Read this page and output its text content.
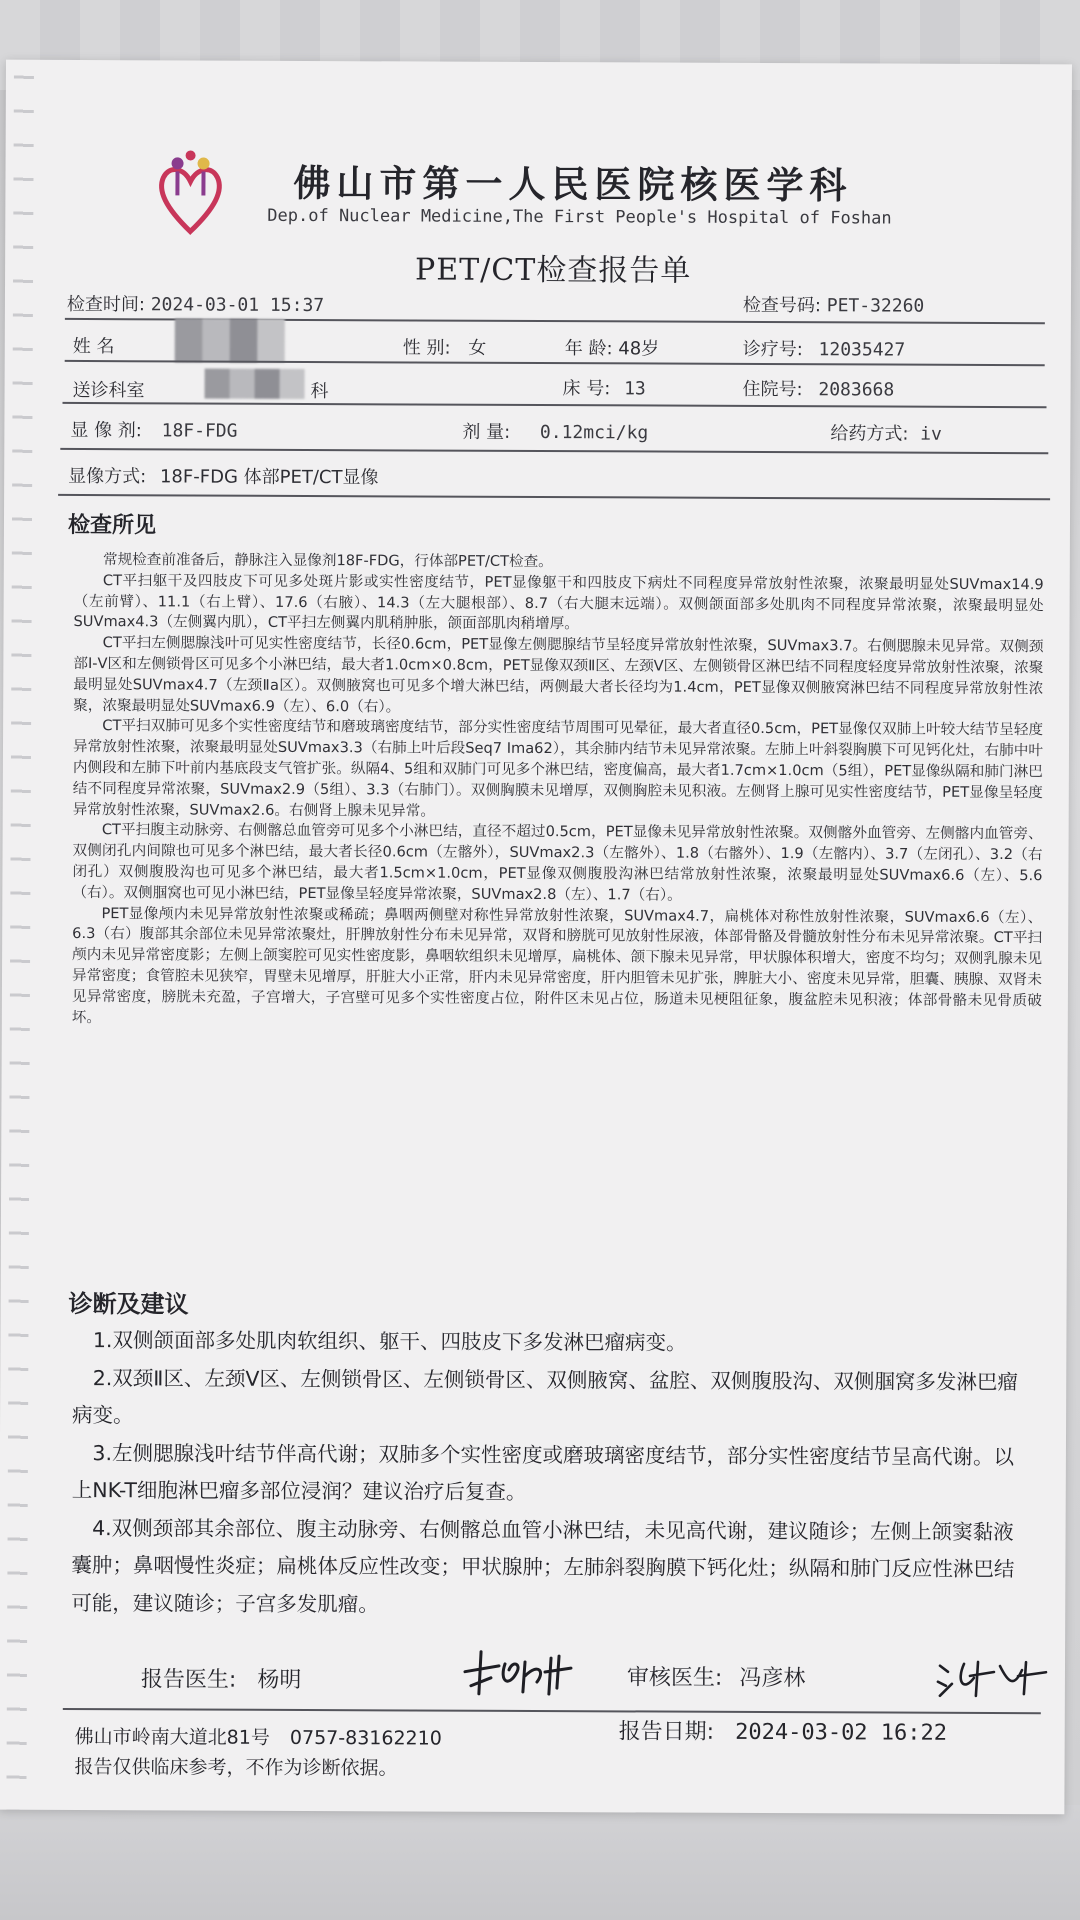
佛山市第一人民医院核医学科
Dep.of Nuclear Medicine,The First People's Hospital of Foshan
PET/CT检查报告单
检查时间: 2024-03-01 15:37	检查号码: PET-32260
姓 名	性 别: 女	年 龄: 48岁	诊疗号: 12035427
送诊科室	科	床 号: 13	住院号: 2083668
显 像 剂: 18F-FDG	剂 量: 0.12mci/kg	给药方式: iv
显像方式: 18F-FDG 体部PET/CT显像
检查所见

常规检查前准备后，静脉注入显像剂18F-FDG，行体部PET/CT检查。

CT平扫躯干及四肢皮下可见多处斑片影或实性密度结节，PET显像躯干和四肢皮下病灶不同程度异常放射性浓聚，浓聚最明显处SUVmax14.9（左前臂）、11.1（右上臂）、17.6（右腋）、14.3（左大腿根部）、8.7（右大腿末远端）。双侧颌面部多处肌肉不同程度异常浓聚，浓聚最明显处SUVmax4.3（左侧翼内肌），CT平扫左侧翼内肌稍肿胀，颌面部肌肉稍增厚。

CT平扫左侧腮腺浅叶可见实性密度结节，长径0.6cm，PET显像左侧腮腺结节呈轻度异常放射性浓聚，SUVmax3.7。右侧腮腺未见异常。双侧颈部Ⅰ-Ⅴ区和左侧锁骨区可见多个小淋巴结，最大者1.0cm×0.8cm，PET显像双颈Ⅱ区、左颈Ⅴ区、左侧锁骨区淋巴结不同程度轻度异常放射性浓聚，浓聚最明显处SUVmax4.7（左颈Ⅱa区）。双侧腋窝也可见多个增大淋巴结，两侧最大者长径均为1.4cm，PET显像双侧腋窝淋巴结不同程度异常放射性浓聚，浓聚最明显处SUVmax6.9（左）、6.0（右）。

CT平扫双肺可见多个实性密度结节和磨玻璃密度结节，部分实性密度结节周围可见晕征，最大者直径0.5cm，PET显像仅双肺上叶较大结节呈轻度异常放射性浓聚，浓聚最明显处SUVmax3.3（右肺上叶后段Seq7 Ima62），其余肺内结节未见异常浓聚。左肺上叶斜裂胸膜下可见钙化灶，右肺中叶内侧段和左肺下叶前内基底段支气管扩张。纵隔4、5组和双肺门可见多个淋巴结，密度偏高，最大者1.7cm×1.0cm（5组），PET显像纵隔和肺门淋巴结不同程度异常浓聚，SUVmax2.9（5组）、3.3（右肺门）。双侧胸膜未见增厚，双侧胸腔未见积液。左侧肾上腺可见实性密度结节，PET显像呈轻度异常放射性浓聚，SUVmax2.6。右侧肾上腺未见异常。

CT平扫腹主动脉旁、右侧髂总血管旁可见多个小淋巴结，直径不超过0.5cm，PET显像未见异常放射性浓聚。双侧髂外血管旁、左侧髂内血管旁、双侧闭孔内间隙也可见多个淋巴结，最大者长径0.6cm（左髂外），SUVmax2.3（左髂外）、1.8（右髂外）、1.9（左髂内）、3.7（左闭孔）、3.2（右闭孔）双侧腹股沟也可见多个淋巴结，最大者1.5cm×1.0cm，PET显像双侧腹股沟淋巴结常放射性浓聚，浓聚最明显处SUVmax6.6（左）、5.6（右）。双侧腘窝也可见小淋巴结，PET显像呈轻度异常浓聚，SUVmax2.8（左）、1.7（右）。

PET显像颅内未见异常放射性浓聚或稀疏；鼻咽两侧壁对称性异常放射性浓聚，SUVmax4.7，扁桃体对称性放射性浓聚，SUVmax6.6（左）、6.3（右）腹部其余部位未见异常浓聚灶，肝脾放射性分布未见异常，双肾和膀胱可见放射性尿液，体部骨骼及骨髓放射性分布未见异常浓聚。CT平扫颅内未见异常密度影；左侧上颌窦腔可见实性密度影，鼻咽软组织未见增厚，扁桃体、颌下腺未见异常，甲状腺体积增大，密度不均匀；双侧乳腺未见异常密度；食管腔未见狭窄，胃壁未见增厚，肝脏大小正常，肝内未见异常密度，肝内胆管未见扩张，脾脏大小、密度未见异常，胆囊、胰腺、双肾未见异常密度，膀胱未充盈，子宫增大，子宫壁可见多个实性密度占位，附件区未见占位，肠道未见梗阻征象，腹盆腔未见积液；体部骨骼未见骨质破坏。

诊断及建议

1.双侧颌面部多处肌肉软组织、躯干、四肢皮下多发淋巴瘤病变。

2.双颈Ⅱ区、左颈Ⅴ区、左侧锁骨区、左侧锁骨区、双侧腋窝、盆腔、双侧腹股沟、双侧腘窝多发淋巴瘤病变。

3.左侧腮腺浅叶结节伴高代谢；双肺多个实性密度或磨玻璃密度结节，部分实性密度结节呈高代谢。以上NK-T细胞淋巴瘤多部位浸润？建议治疗后复查。

4.双侧颈部其余部位、腹主动脉旁、右侧髂总血管小淋巴结，未见高代谢，建议随诊；左侧上颌窦黏液囊肿；鼻咽慢性炎症；扁桃体反应性改变；甲状腺肿；左肺斜裂胸膜下钙化灶；纵隔和肺门反应性淋巴结可能，建议随诊；子宫多发肌瘤。

报告医生: 杨明	审核医生: 冯彦林
佛山市岭南大道北81号 0757-83162210	报告日期: 2024-03-02 16:22
报告仅供临床参考，不作为诊断依据。
